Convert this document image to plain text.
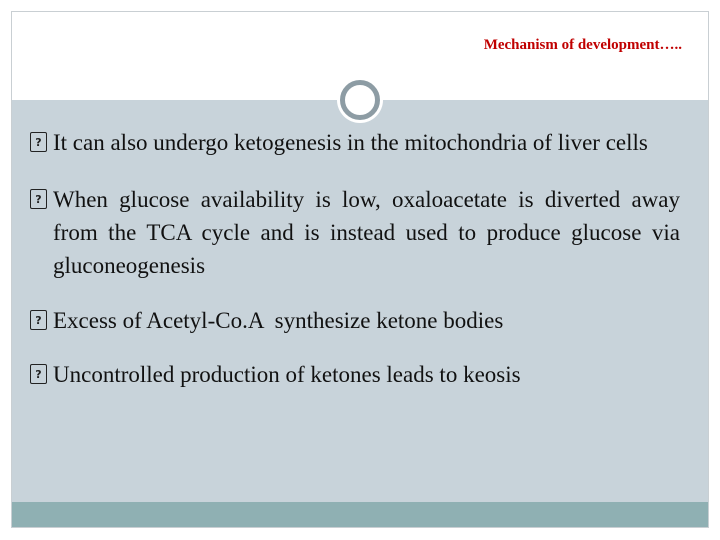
Mechanism of development…..
? It can also undergo ketogenesis in the mitochondria of liver cells
? When glucose availability is low, oxaloacetate is diverted away from the TCA cycle and is instead used to produce glucose via gluconeogenesis
? Excess of Acetyl-Co.A  synthesize ketone bodies
? Uncontrolled production of ketones leads to keosis
